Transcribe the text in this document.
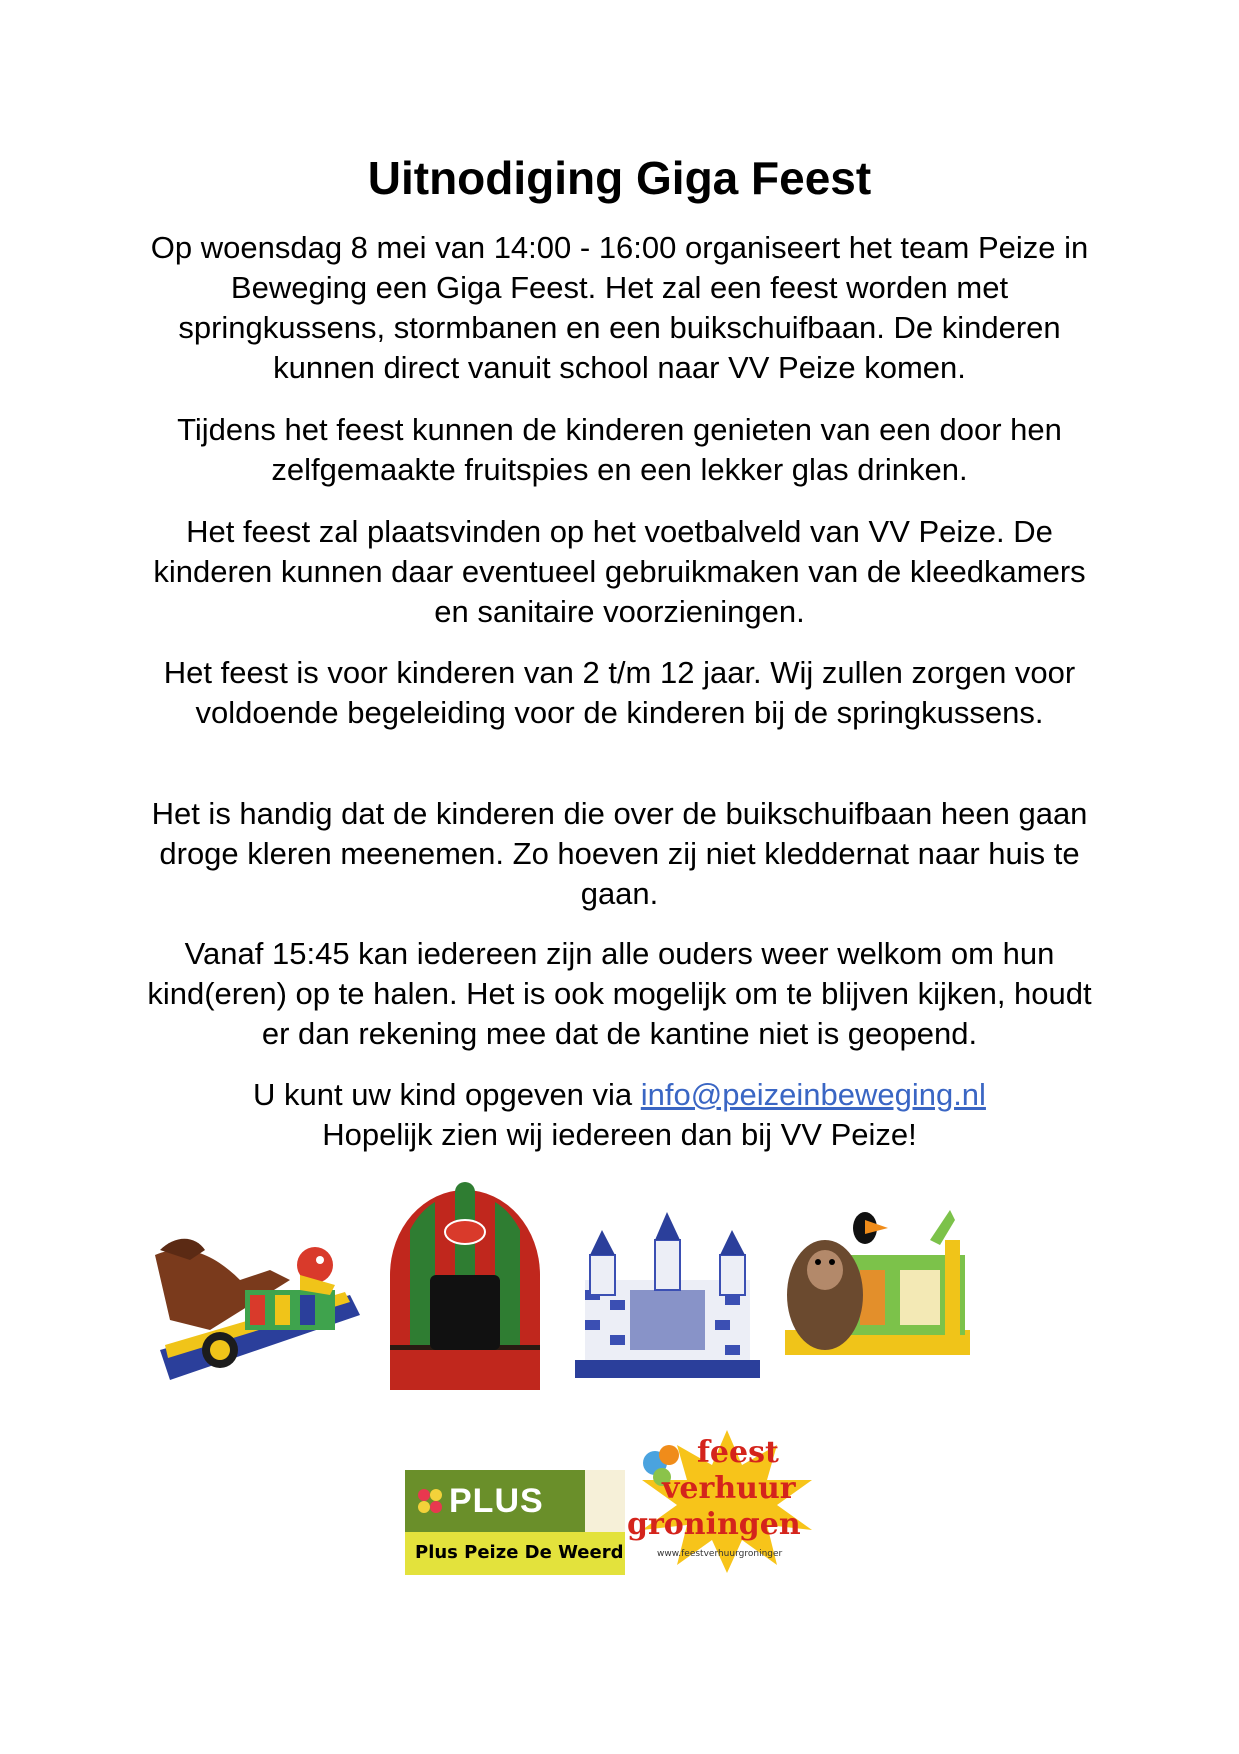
Uitnodiging Giga Feest

Op woensdag 8 mei van 14:00 - 16:00 organiseert het team Peize in Beweging een Giga Feest. Het zal een feest worden met springkussens, stormbanen en een buikschuifbaan. De kinderen kunnen direct vanuit school naar VV Peize komen.

Tijdens het feest kunnen de kinderen genieten van een door hen zelfgemaakte fruitspies en een lekker glas drinken.

Het feest zal plaatsvinden op het voetbalveld van VV Peize. De kinderen kunnen daar eventueel gebruikmaken van de kleedkamers en sanitaire voorzieningen.

Het feest is voor kinderen van 2 t/m 12 jaar. Wij zullen zorgen voor voldoende begeleiding voor de kinderen bij de springkussens.

Het is handig dat de kinderen die over de buikschuifbaan heen gaan droge kleren meenemen. Zo hoeven zij niet kleddernat naar huis te gaan.

Vanaf 15:45 kan iedereen zijn alle ouders weer welkom om hun kind(eren) op te halen. Het is ook mogelijk om te blijven kijken, houdt er dan rekening mee dat de kantine niet is geopend.

U kunt uw kind opgeven via info@peizeinbeweging.nl
Hopelijk zien wij iedereen dan bij VV Peize!

PLUS
Plus Peize De Weerd
feest
verhuur
groningen
www.feestverhuurgroninger
